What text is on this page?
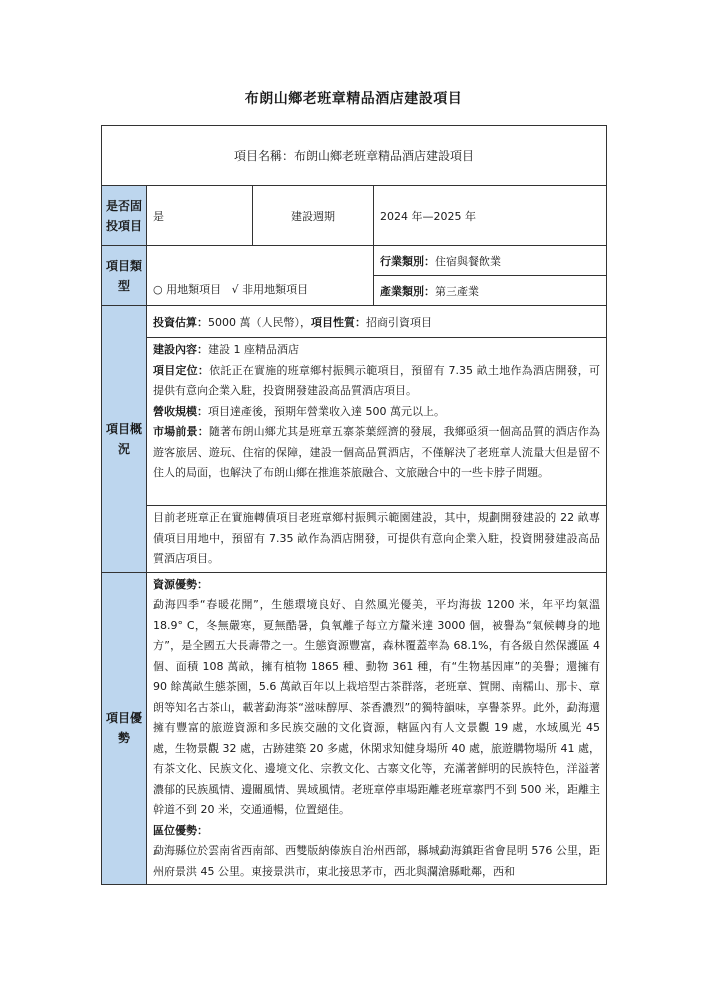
布朗山鄉老班章精品酒店建設項目
項目名稱：布朗山鄉老班章精品酒店建設項目			
是否固投項目	是	建設週期	2024 年—2025 年
項目類型	○ 用地類項目   √ 非用地類項目		行業類別：住宿與餐飲業
			產業類別：第三產業
項目概況	投資估算：5000 萬（人民幣），項目性質：招商引資項目		

	建設內容：建設 1 座精品酒店

項目定位：依託正在實施的班章鄉村振興示範項目，預留有 7.35 畝土地作為酒店開發，可提供有意向企業入駐，投資開發建設高品質酒店項目。

營收規模：項目達產後，預期年營業收入達 500 萬元以上。

市場前景：隨著布朗山鄉尤其是班章五寨茶葉經濟的發展，我鄉亟須一個高品質的酒店作為遊客旅居、遊玩、住宿的保障，建設一個高品質酒店，不僅解決了老班章人流量大但是留不住人的局面，也解決了布朗山鄉在推進茶旅融合、文旅融合中的一些卡脖子問題。		

	目前老班章正在實施轉債項目老班章鄉村振興示範園建設，其中，規劃開發建設的 22 畝專債項目用地中，預留有 7.35 畝作為酒店開發，可提供有意向企業入駐，投資開發建設高品質酒店項目。		

項目優勢	資源優勢：

勐海四季“春暖花開”，生態環境良好、自然風光優美，平均海拔 1200 米，年平均氣溫 18.9° C，冬無嚴寒，夏無酷暑，負氧離子每立方釐米達 3000 個，被譽為“氣候轉身的地方”，是全國五大長壽帶之一。生態資源豐富，森林覆蓋率為 68.1%，有各級自然保護區 4 個、面積 108 萬畝，擁有植物 1865 種、動物 361 種，有“生物基因庫”的美譽；還擁有 90 餘萬畝生態茶園，5.6 萬畝百年以上栽培型古茶群落，老班章、賀開、南糯山、那卡、章朗等知名古茶山，載著勐海茶“滋味醇厚、茶香濃烈”的獨特韻味，享譽茶界。此外，勐海還擁有豐富的旅遊資源和多民族交融的文化資源，轄區內有人文景觀 19 處，水域風光 45 處，生物景觀 32 處，古跡建築 20 多處，休閑求知健身場所 40 處，旅遊購物場所 41 處，有茶文化、民族文化、邊境文化、宗教文化、古寨文化等，充滿著鮮明的民族特色，洋溢著濃郁的民族風情、邊關風情、異域風情。老班章停車場距離老班章寨門不到 500 米，距離主幹道不到 20 米，交通通暢，位置絕佳。

區位優勢：

勐海縣位於雲南省西南部、西雙版納傣族自治州西部，縣城勐海鎮距省會昆明 576 公里，距州府景洪 45 公里。東接景洪市，東北接思茅市，西北與瀾滄縣毗鄰，西和		
